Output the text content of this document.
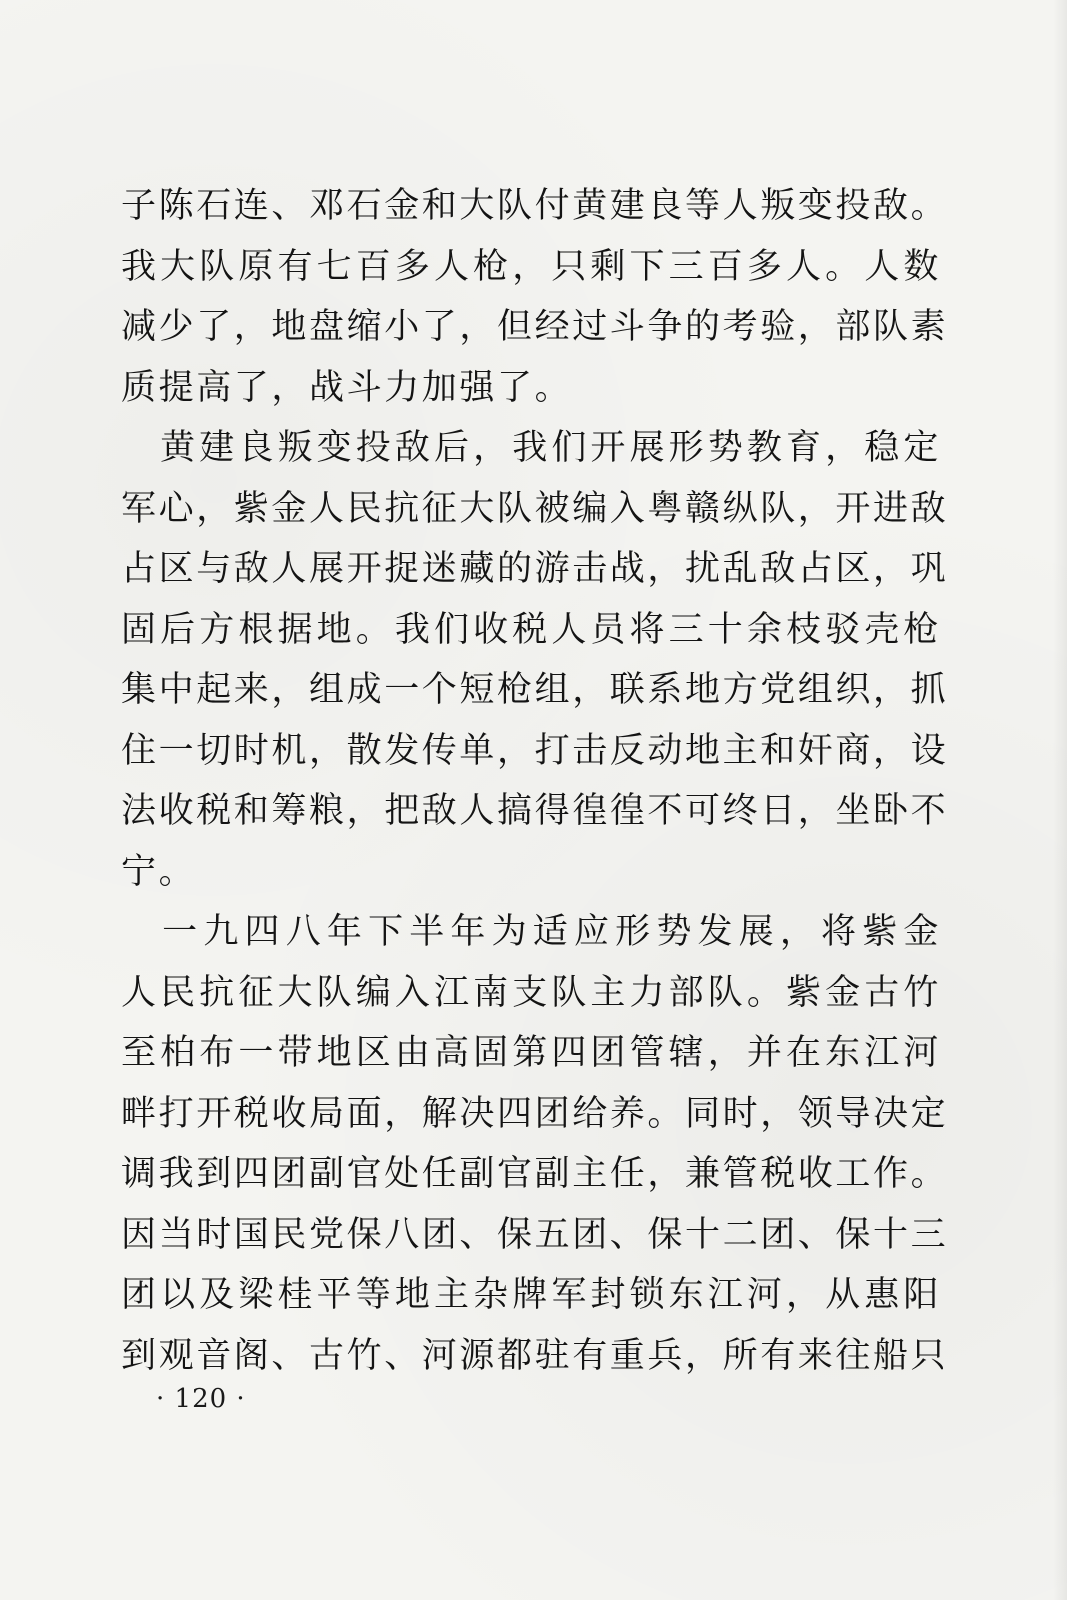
子陈石连、邓石金和大队付黄建良等人叛变投敌。
我大队原有七百多人枪，只剩下三百多人。人数
减少了，地盘缩小了，但经过斗争的考验，部队素
质提高了，战斗力加强了。
　黄建良叛变投敌后，我们开展形势教育，稳定
军心，紫金人民抗征大队被编入粤赣纵队，开进敌
占区与敌人展开捉迷藏的游击战，扰乱敌占区，巩
固后方根据地。我们收税人员将三十余枝驳壳枪
集中起来，组成一个短枪组，联系地方党组织，抓
住一切时机，散发传单，打击反动地主和奸商，设
法收税和筹粮，把敌人搞得徨徨不可终日，坐卧不
宁。
　一九四八年下半年为适应形势发展，将紫金
人民抗征大队编入江南支队主力部队。紫金古竹
至柏布一带地区由高固第四团管辖，并在东江河
畔打开税收局面，解决四团给养。同时，领导决定
调我到四团副官处任副官副主任，兼管税收工作。
因当时国民党保八团、保五团、保十二团、保十三
团以及梁桂平等地主杂牌军封锁东江河，从惠阳
到观音阁、古竹、河源都驻有重兵，所有来往船只
· 120 ·
